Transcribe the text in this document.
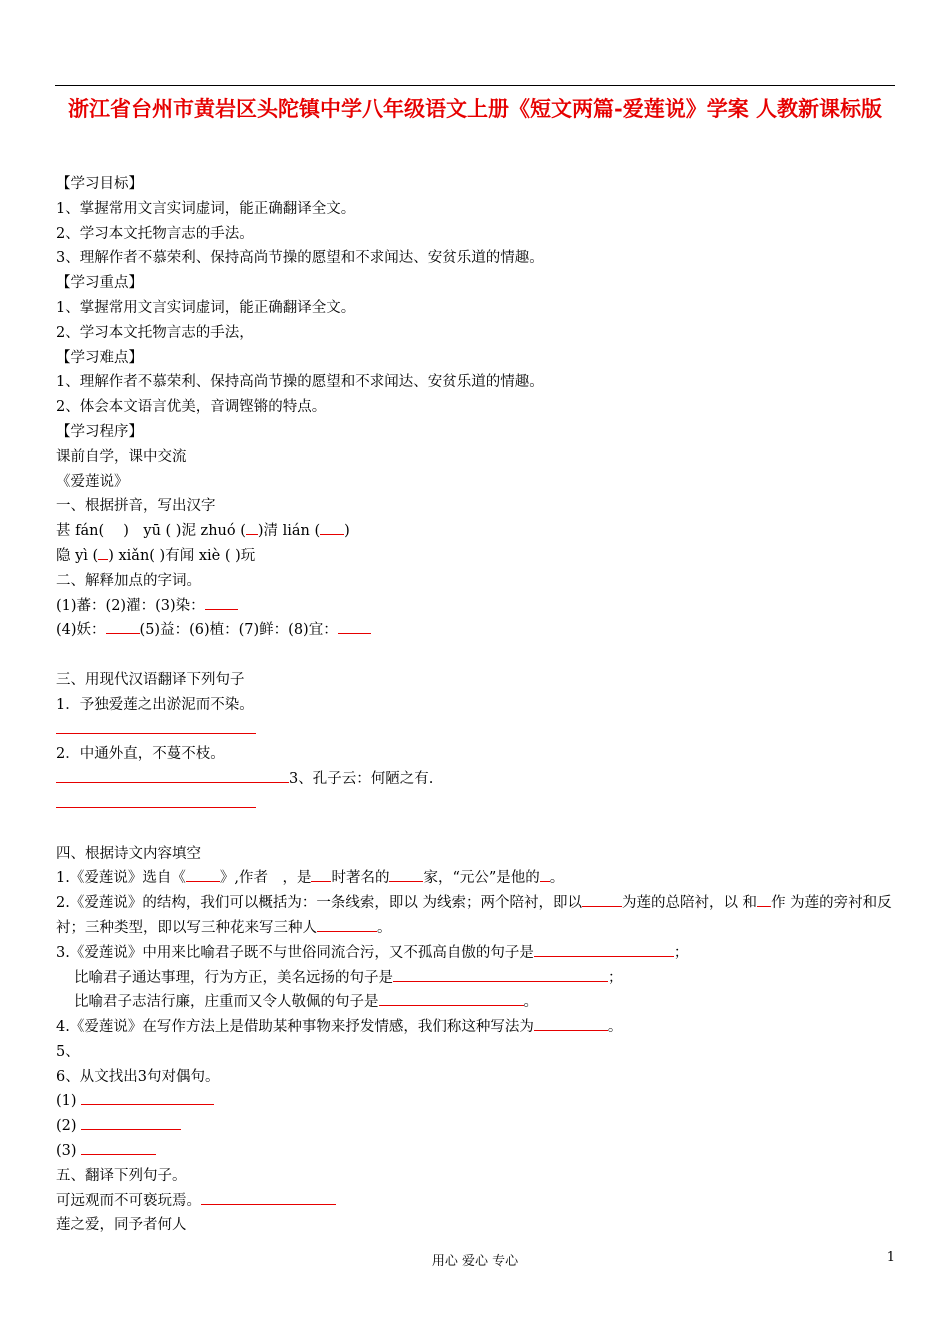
浙江省台州市黄岩区头陀镇中学八年级语文上册《短文两篇-爱莲说》学案 人教新课标版
【学习目标】
1、掌握常用文言实词虚词，能正确翻译全文。
2、学习本文托物言志的手法。
3、理解作者不慕荣利、保持高尚节操的愿望和不求闻达、安贫乐道的情趣。
【学习重点】
1、掌握常用文言实词虚词，能正确翻译全文。
2、学习本文托物言志的手法，
【学习难点】
1、理解作者不慕荣利、保持高尚节操的愿望和不求闻达、安贫乐道的情趣。
2、体会本文语言优美，音调铿锵的特点。
【学习程序】
课前自学，课中交流
《爱莲说》
一、根据拼音，写出汉字
甚 fán(　 )　yū ( )泥 zhuó ( )清 lián ( )
隐 yì ( ) xiǎn( )有闻 xiè ( )玩
二、解释加点的字词。
(1)蕃：(2)濯：(3)染：
(4)妖： (5)益：(6)植：(7)鲜：(8)宜：
三、用现代汉语翻译下列句子
1．予独爱莲之出淤泥而不染。
2．中通外直，不蔓不枝。
3、孔子云：何陋之有.
四、根据诗文内容填空
1.《爱莲说》选自《 》,作者　，是 时著名的 家，“元公”是他的 。
2.《爱莲说》的结构，我们可以概括为：一条线索，即以 为线索；两个陪衬，即以	为莲的总陪衬，以 和 作 为莲的旁衬和反衬；三种类型，即以写三种花来写三种人	。
3.《爱莲说》中用来比喻君子既不与世俗同流合污，又不孤高自傲的句子是	；
比喻君子通达事理，行为方正，美名远扬的句子是	；
比喻君子志洁行廉，庄重而又令人敬佩的句子是	。
4.《爱莲说》在写作方法上是借助某种事物来抒发情感，我们称这种写法为	。
5、
6、从文找出3句对偶句。
(1)
(2)
(3)
五、翻译下列句子。
可远观而不可亵玩焉。
莲之爱，同予者何人
用心 爱心 专心	1
